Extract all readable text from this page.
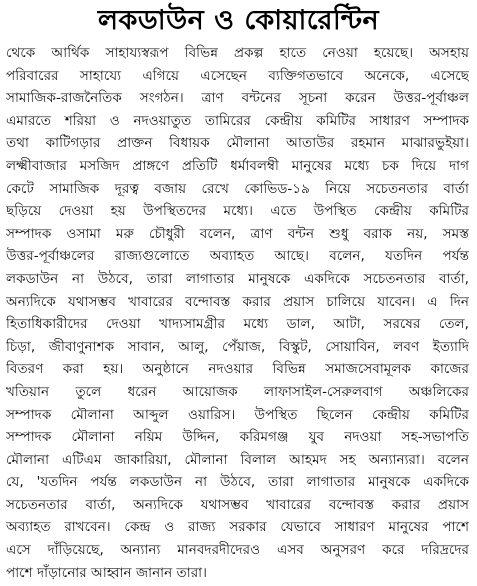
লকডাউন ও কোয়ারেন্টিন
থেকে আর্থিক সাহায্যস্বরূপ বিভিন্ন প্রকল্প হাতে নেওয়া হয়েছে। অসহায়
পরিবারের সাহায্যে এগিয়ে এসেছেন ব্যক্তিগতভাবে অনেকে, এসেছে
সামাজিক-রাজনৈতিক সংগঠন। ত্রাণ বন্টনের সূচনা করেন উত্তর-পূর্বাঞ্চল
এমারতে শরিয়া ও নদওয়াতুত তামিরের কেন্দ্রীয় কমিটির সাধারণ সম্পাদক
তথা কাটিগড়ার প্রাক্তন বিধায়ক মৌলানা আতাউর রহমান মাঝারভুইয়া।
লক্ষ্মীবাজার মসজিদ প্রাঙ্গণে প্রতিটি ধর্মাবলম্বী মানুষের মধ্যে চক দিয়ে দাগ
কেটে সামাজিক দূরত্ব বজায় রেখে কোভিড-১৯ নিয়ে সচেতনতার বার্তা
ছড়িয়ে দেওয়া হয় উপস্থিতদের মধ্যে। এতে উপস্থিত কেন্দ্রীয় কমিটির
সম্পাদক ওসামা মরু চৌধুরী বলেন, ত্রাণ বন্টন শুধু বরাক নয়, সমস্ত
উত্তর-পূর্বাঞ্চলের রাজ্যগুলোতে অব্যাহত আছে। বলেন, যতদিন পর্যন্ত
লকডাউন না উঠবে, তারা লাগাতার মানুষকে একদিকে সচেতনতার বার্তা,
অন্যদিকে যথাসম্ভব খাবারের বন্দোবস্ত করার প্রয়াস চালিয়ে যাবেন। এ দিন
হিতাধিকারীদের দেওয়া খাদ্যসামগ্রীর মধ্যে ডাল, আটা, সরষের তেল,
চিড়া, জীবাণুনাশক সাবান, আলু, পেঁয়াজ, বিস্কুট, সোয়াবিন, লবণ ইত্যাদি
বিতরণ করা হয়। অনুষ্ঠানে নদওয়ার বিভিন্ন সমাজসেবামূলক কাজের
খতিয়ান তুলে ধরেন আয়োজক লাফাসাইল-সেরুলবাগ অঞ্চলিকের
সম্পাদক মৌলানা আব্দুল ওয়ারিস। উপস্থিত ছিলেন কেন্দ্রীয় কমিটির
সম্পাদক মৌলানা নয়িম উদ্দিন, করিমগঞ্জ যুব নদওয়া সহ-সভাপতি
মৌলানা এটিএম জাকারিয়া, মৌলানা বিলাল আহমদ সহ অন্যান্যরা। বলেন
যে, 'যতদিন পর্যন্ত লকডাউন না উঠবে, তারা লাগাতার মানুষকে একদিকে
সচেতনতার বার্তা, অন্যদিকে যথাসম্ভব খাবারের বন্দোবস্ত করার প্রয়াস
অব্যাহত রাখবেন। কেন্দ্র ও রাজ্য সরকার যেভাবে সাধারণ মানুষের পাশে
এসে দাঁড়িয়েছে, অন্যান্য মানবদরদীদেরও এসব অনুসরণ করে দরিদ্রদের
পাশে দাঁড়ানোর আহ্বান জানান তারা।
